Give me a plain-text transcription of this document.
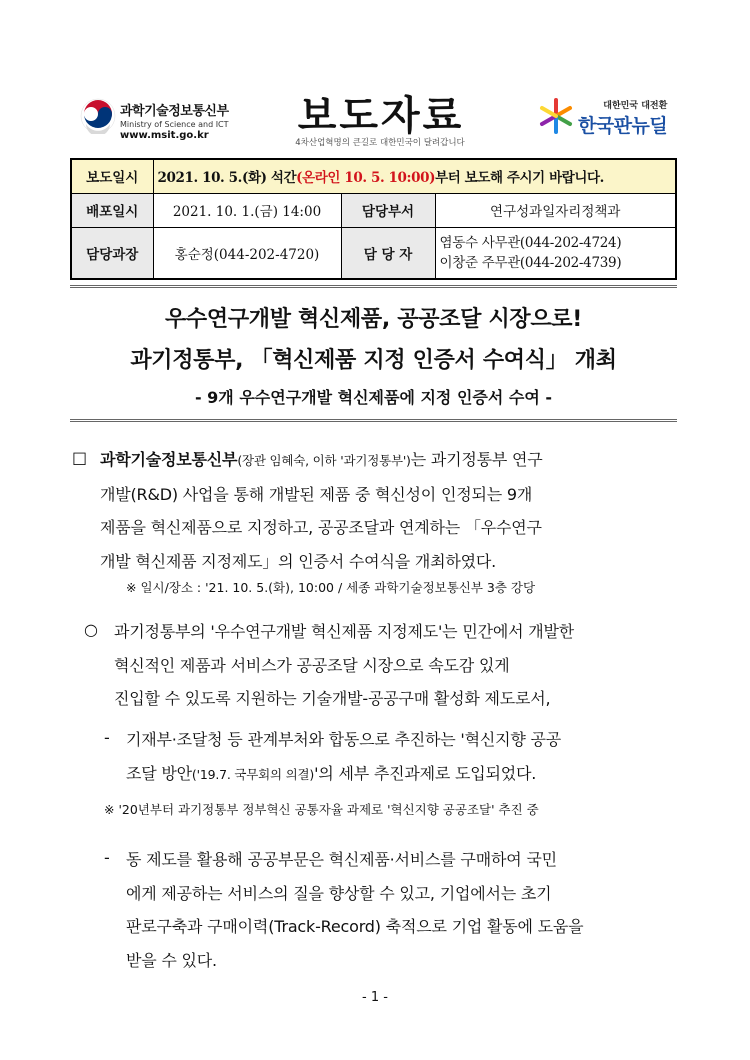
과학기술정보통신부
Ministry of Science and ICT
www.msit.go.kr	보도자료
4차산업혁명의 큰길로 대한민국이 달려갑니다
대한민국 대전환
한국판뉴딜
보도일시	2021. 10. 5.(화) 석간(온라인 10. 5. 10:00)부터 보도해 주시기 바랍니다.		
배포일시	2021. 10. 1.(금) 14:00	담당부서	연구성과일자리정책과
담당과장	홍순정(044-202-4720)	담 당 자	염동수 사무관(044-202-4724)
이창준 주무관(044-202-4739)
우수연구개발 혁신제품, 공공조달 시장으로!
과기정통부, 「혁신제품 지정 인증서 수여식」 개최
- 9개 우수연구개발 혁신제품에 지정 인증서 수여 -
□ 과학기술정보통신부(장관 임혜숙, 이하 '과기정통부')는 과기정통부 연구
개발(R&D) 사업을 통해 개발된 제품 중 혁신성이 인정되는 9개
제품을 혁신제품으로 지정하고, 공공조달과 연계하는 「우수연구
개발 혁신제품 지정제도」의 인증서 수여식을 개최하였다.
※ 일시/장소 : '21. 10. 5.(화), 10:00 / 세종 과학기술정보통신부 3층 강당
○ 과기정통부의 '우수연구개발 혁신제품 지정제도'는 민간에서 개발한
혁신적인 제품과 서비스가 공공조달 시장으로 속도감 있게
진입할 수 있도록 지원하는 기술개발-공공구매 활성화 제도로서,
- 기재부·조달청 등 관계부처와 합동으로 추진하는 '혁신지향 공공
조달 방안('19.7. 국무회의 의결)'의 세부 추진과제로 도입되었다.
※ '20년부터 과기정통부 정부혁신 공통자율 과제로 '혁신지향 공공조달' 추진 중
- 동 제도를 활용해 공공부문은 혁신제품·서비스를 구매하여 국민
에게 제공하는 서비스의 질을 향상할 수 있고, 기업에서는 초기
판로구축과 구매이력(Track-Record) 축적으로 기업 활동에 도움을
받을 수 있다.
- 1 -
